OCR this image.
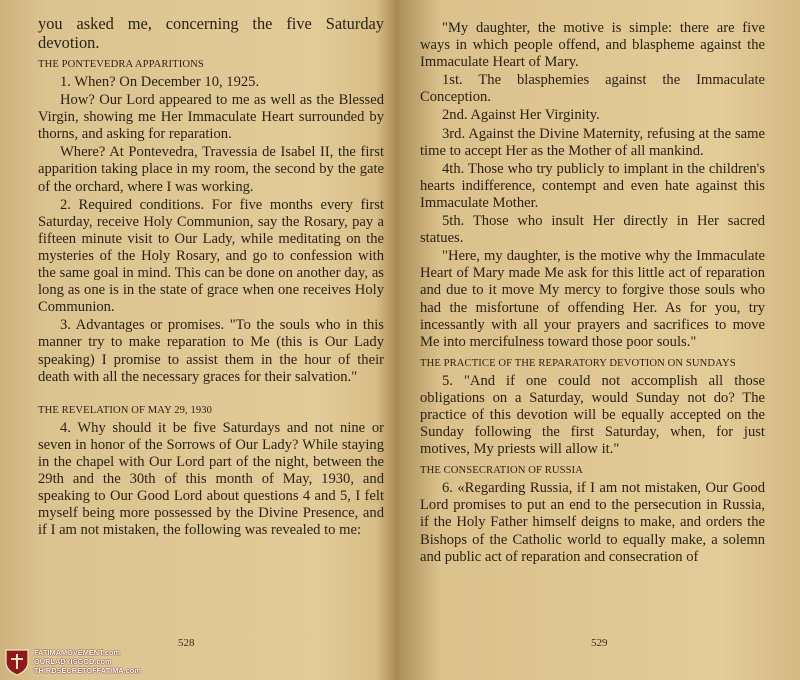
you asked me, concerning the five Saturday devotion.

THE PONTEVEDRA APPARITIONS

1. When? On December 10, 1925.

How? Our Lord appeared to me as well as the Blessed Virgin, showing me Her Immaculate Heart surrounded by thorns, and asking for reparation.

Where? At Pontevedra, Travessia de Isabel II, the first apparition taking place in my room, the second by the gate of the orchard, where I was working.

2. Required conditions. For five months every first Saturday, receive Holy Communion, say the Rosary, pay a fifteen minute visit to Our Lady, while meditating on the mysteries of the Holy Rosary, and go to confession with the same goal in mind. This can be done on another day, as long as one is in the state of grace when one receives Holy Communion.

3. Advantages or promises. "To the souls who in this manner try to make reparation to Me (this is Our Lady speaking) I promise to assist them in the hour of their death with all the necessary graces for their salvation."

THE REVELATION OF MAY 29, 1930

4. Why should it be five Saturdays and not nine or seven in honor of the Sorrows of Our Lady? While staying in the chapel with Our Lord part of the night, between the 29th and the 30th of this month of May, 1930, and speaking to Our Good Lord about questions 4 and 5, I felt myself being more possessed by the Divine Presence, and if I am not mistaken, the following was revealed to me:

528

"My daughter, the motive is simple: there are five ways in which people offend, and blaspheme against the Immaculate Heart of Mary.

1st. The blasphemies against the Immaculate Conception.

2nd. Against Her Virginity.

3rd. Against the Divine Maternity, refusing at the same time to accept Her as the Mother of all mankind.

4th. Those who try publicly to implant in the children's hearts indifference, contempt and even hate against this Immaculate Mother.

5th. Those who insult Her directly in Her sacred statues.

"Here, my daughter, is the motive why the Immaculate Heart of Mary made Me ask for this little act of reparation and due to it move My mercy to forgive those souls who had the misfortune of offending Her. As for you, try incessantly with all your prayers and sacrifices to move Me into mercifulness toward those poor souls."

THE PRACTICE OF THE REPARATORY DEVOTION ON SUNDAYS

5. "And if one could not accomplish all those obligations on a Saturday, would Sunday not do? The practice of this devotion will be equally accepted on the Sunday following the first Saturday, when, for just motives, My priests will allow it."

THE CONSECRATION OF RUSSIA

6. «Regarding Russia, if I am not mistaken, Our Good Lord promises to put an end to the persecution in Russia, if the Holy Father himself deigns to make, and orders the Bishops of the Catholic world to equally make, a solemn and public act of reparation and consecration of

529
FATIMAMOVEMENT.com
OURLADYISGOD.com
THIRDSECRETOFFATIMA.com
